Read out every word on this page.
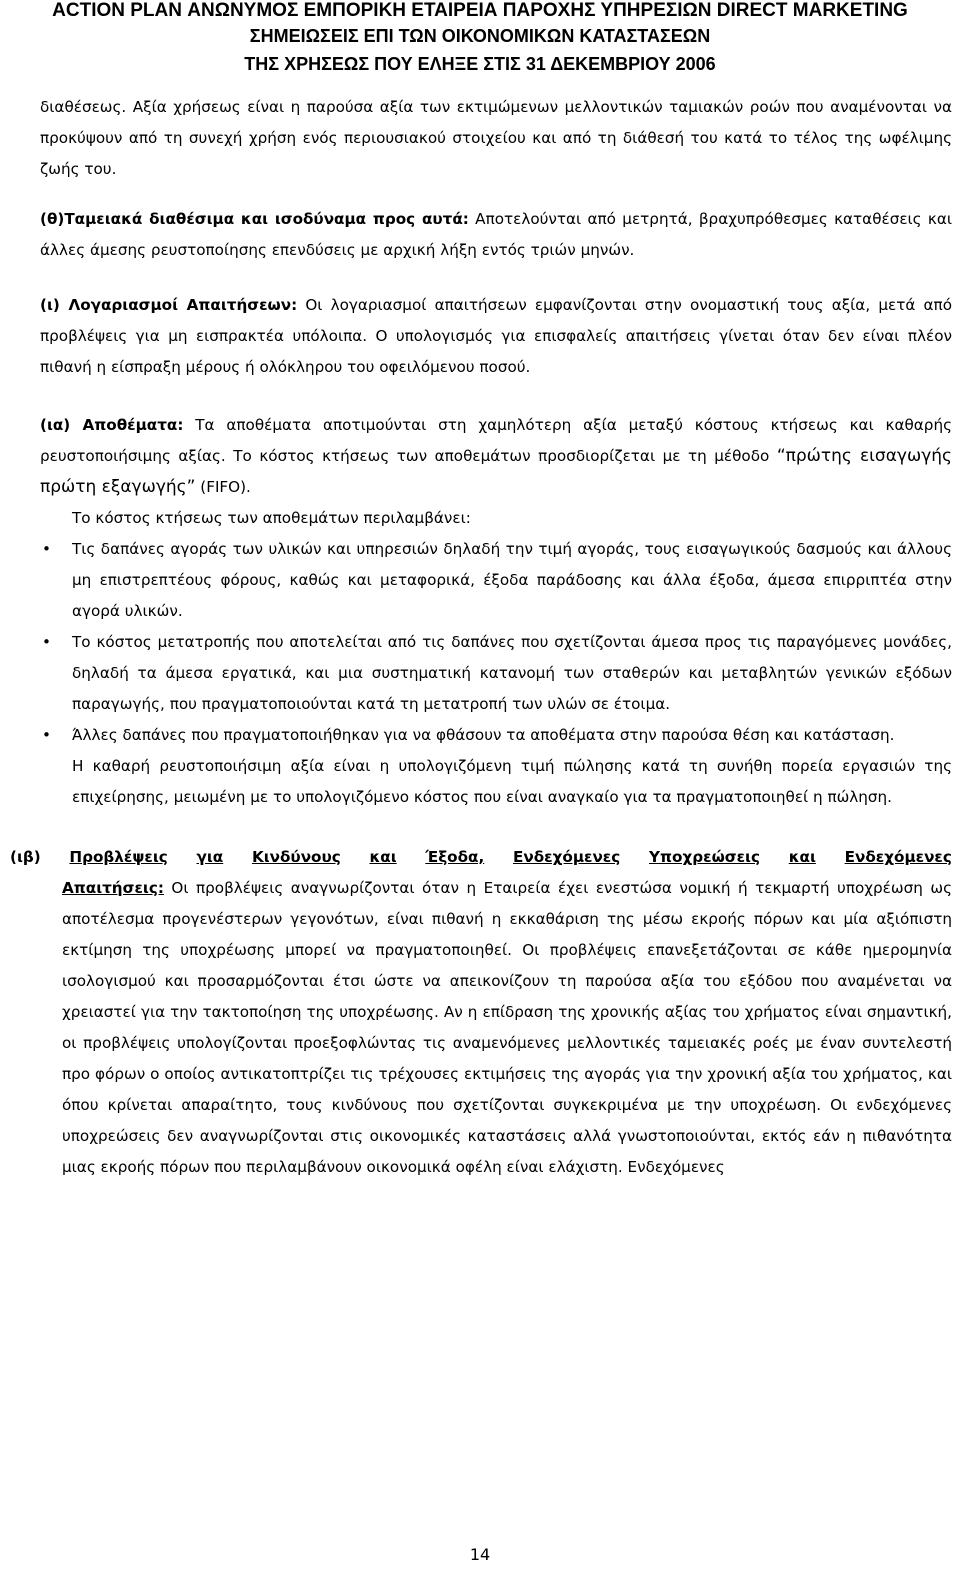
ACTION PLAN ΑΝΩΝΥΜΟΣ ΕΜΠΟΡΙΚΗ ΕΤΑΙΡΕΙΑ ΠΑΡΟΧΗΣ ΥΠΗΡΕΣΙΩΝ DIRECT MARKETING
ΣΗΜΕΙΩΣΕΙΣ ΕΠΙ ΤΩΝ ΟΙΚΟΝΟΜΙΚΩΝ ΚΑΤΑΣΤΑΣΕΩΝ
ΤΗΣ ΧΡΗΣΕΩΣ ΠΟΥ ΕΛΗΞΕ ΣΤΙΣ 31 ΔΕΚΕΜΒΡΙΟΥ 2006

διαθέσεως. Αξία χρήσεως είναι η παρούσα αξία των εκτιμώμενων μελλοντικών ταμιακών ροών που αναμένονται να προκύψουν από τη συνεχή χρήση ενός περιουσιακού στοιχείου και από τη διάθεσή του κατά το τέλος της ωφέλιμης ζωής του.

(θ)Ταμειακά διαθέσιμα και ισοδύναμα προς αυτά: Αποτελούνται από μετρητά, βραχυπρόθεσμες καταθέσεις και άλλες άμεσης ρευστοποίησης επενδύσεις με αρχική λήξη εντός τριών μηνών.

(ι) Λογαριασμοί Απαιτήσεων: Οι λογαριασμοί απαιτήσεων εμφανίζονται στην ονομαστική τους αξία, μετά από προβλέψεις για μη εισπρακτέα υπόλοιπα. Ο υπολογισμός για επισφαλείς απαιτήσεις γίνεται όταν δεν είναι πλέον πιθανή η είσπραξη μέρους ή ολόκληρου του οφειλόμενου ποσού.

(ια) Αποθέματα: Τα αποθέματα αποτιμούνται στη χαμηλότερη αξία μεταξύ κόστους κτήσεως και καθαρής ρευστοποιήσιμης αξίας. Το κόστος κτήσεως των αποθεμάτων προσδιορίζεται με τη μέθοδο “πρώτης εισαγωγής πρώτη εξαγωγής” (FIFO).

Το κόστος κτήσεως των αποθεμάτων περιλαμβάνει:

• Τις δαπάνες αγοράς των υλικών και υπηρεσιών δηλαδή την τιμή αγοράς, τους εισαγωγικούς δασμούς και άλλους μη επιστρεπτέους φόρους, καθώς και μεταφορικά, έξοδα παράδοσης και άλλα έξοδα, άμεσα επιρριπτέα στην αγορά υλικών.
• Το κόστος μετατροπής που αποτελείται από τις δαπάνες που σχετίζονται άμεσα προς τις παραγόμενες μονάδες, δηλαδή τα άμεσα εργατικά, και μια συστηματική κατανομή των σταθερών και μεταβλητών γενικών εξόδων παραγωγής, που πραγματοποιούνται κατά τη μετατροπή των υλών σε έτοιμα.
• Άλλες δαπάνες που πραγματοποιήθηκαν για να φθάσουν τα αποθέματα στην παρούσα θέση και κατάσταση.

Η καθαρή ρευστοποιήσιμη αξία είναι η υπολογιζόμενη τιμή πώλησης κατά τη συνήθη πορεία εργασιών της επιχείρησης, μειωμένη με το υπολογιζόμενο κόστος που είναι αναγκαίο για τα πραγματοποιηθεί η πώληση.

(ιβ) Προβλέψεις για Κινδύνους και Έξοδα, Ενδεχόμενες Υποχρεώσεις και Ενδεχόμενες

Απαιτήσεις: Οι προβλέψεις αναγνωρίζονται όταν η Εταιρεία έχει ενεστώσα νομική ή τεκμαρτή υποχρέωση ως αποτέλεσμα προγενέστερων γεγονότων, είναι πιθανή η εκκαθάριση της μέσω εκροής πόρων και μία αξιόπιστη εκτίμηση της υποχρέωσης μπορεί να πραγματοποιηθεί. Οι προβλέψεις επανεξετάζονται σε κάθε ημερομηνία ισολογισμού και προσαρμόζονται έτσι ώστε να απεικονίζουν τη παρούσα αξία του εξόδου που αναμένεται να χρειαστεί για την τακτοποίηση της υποχρέωσης. Αν η επίδραση της χρονικής αξίας του χρήματος είναι σημαντική, οι προβλέψεις υπολογίζονται προεξοφλώντας τις αναμενόμενες μελλοντικές ταμειακές ροές με έναν συντελεστή προ φόρων ο οποίος αντικατοπτρίζει τις τρέχουσες εκτιμήσεις της αγοράς για την χρονική αξία του χρήματος, και όπου κρίνεται απαραίτητο, τους κινδύνους που σχετίζονται συγκεκριμένα με την υποχρέωση. Οι ενδεχόμενες υποχρεώσεις δεν αναγνωρίζονται στις οικονομικές καταστάσεις αλλά γνωστοποιούνται, εκτός εάν η πιθανότητα μιας εκροής πόρων που περιλαμβάνουν οικονομικά οφέλη είναι ελάχιστη. Ενδεχόμενες

14
